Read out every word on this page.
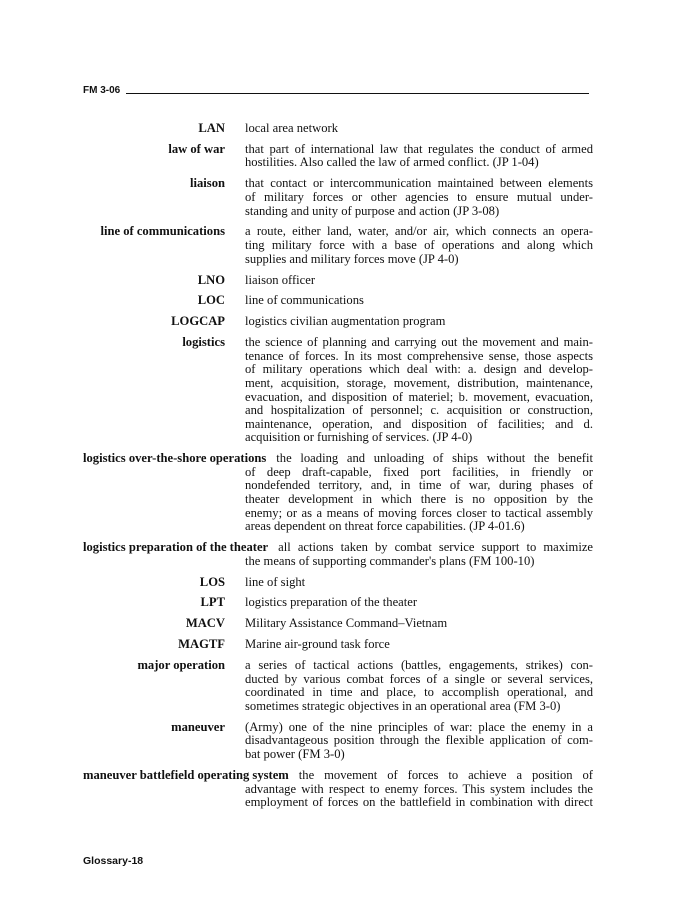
FM 3-06
LAN local area network
law of war that part of international law that regulates the conduct of armed
hostilities. Also called the law of armed conflict. (JP 1-04)
liaison that contact or intercommunication maintained between elements
of military forces or other agencies to ensure mutual under-
standing and unity of purpose and action (JP 3-08)
line of communications a route, either land, water, and/or air, which connects an opera-
ting military force with a base of operations and along which
supplies and military forces move (JP 4-0)
LNO liaison officer
LOC line of communications
LOGCAP logistics civilian augmentation program
logistics the science of planning and carrying out the movement and main-
tenance of forces. In its most comprehensive sense, those aspects
of military operations which deal with: a. design and develop-
ment, acquisition, storage, movement, distribution, maintenance,
evacuation, and disposition of materiel; b. movement, evacuation,
and hospitalization of personnel; c. acquisition or construction,
maintenance, operation, and disposition of facilities; and d.
acquisition or furnishing of services. (JP 4-0)
logistics over-the-shore operations the loading and unloading of ships without the benefit
of deep draft-capable, fixed port facilities, in friendly or
nondefended territory, and, in time of war, during phases of
theater development in which there is no opposition by the
enemy; or as a means of moving forces closer to tactical assembly
areas dependent on threat force capabilities. (JP 4-01.6)
logistics preparation of the theater all actions taken by combat service support to maximize
the means of supporting commander's plans (FM 100-10)
LOS line of sight
LPT logistics preparation of the theater
MACV Military Assistance Command–Vietnam
MAGTF Marine air-ground task force
major operation a series of tactical actions (battles, engagements, strikes) con-
ducted by various combat forces of a single or several services,
coordinated in time and place, to accomplish operational, and
sometimes strategic objectives in an operational area (FM 3-0)
maneuver (Army) one of the nine principles of war: place the enemy in a
disadvantageous position through the flexible application of com-
bat power (FM 3-0)
maneuver battlefield operating system the movement of forces to achieve a position of
advantage with respect to enemy forces. This system includes the
employment of forces on the battlefield in combination with direct
Glossary-18
